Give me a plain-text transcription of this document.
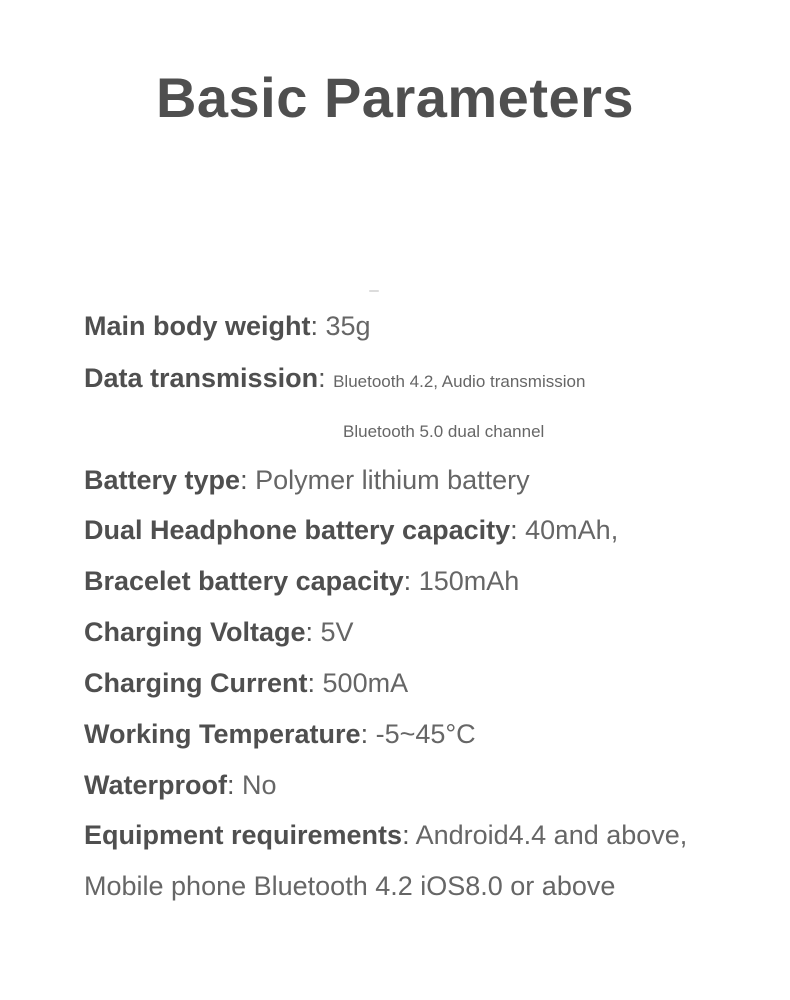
Basic Parameters
Main body weight: 35g
Data transmission: Bluetooth 4.2, Audio transmission
Bluetooth 5.0 dual channel
Battery type: Polymer lithium battery
Dual Headphone battery capacity: 40mAh,
Bracelet battery capacity: 150mAh
Charging Voltage: 5V
Charging Current: 500mA
Working Temperature: -5~45°C
Waterproof: No
Equipment requirements: Android4.4 and above,
Mobile phone Bluetooth 4.2 iOS8.0 or above
